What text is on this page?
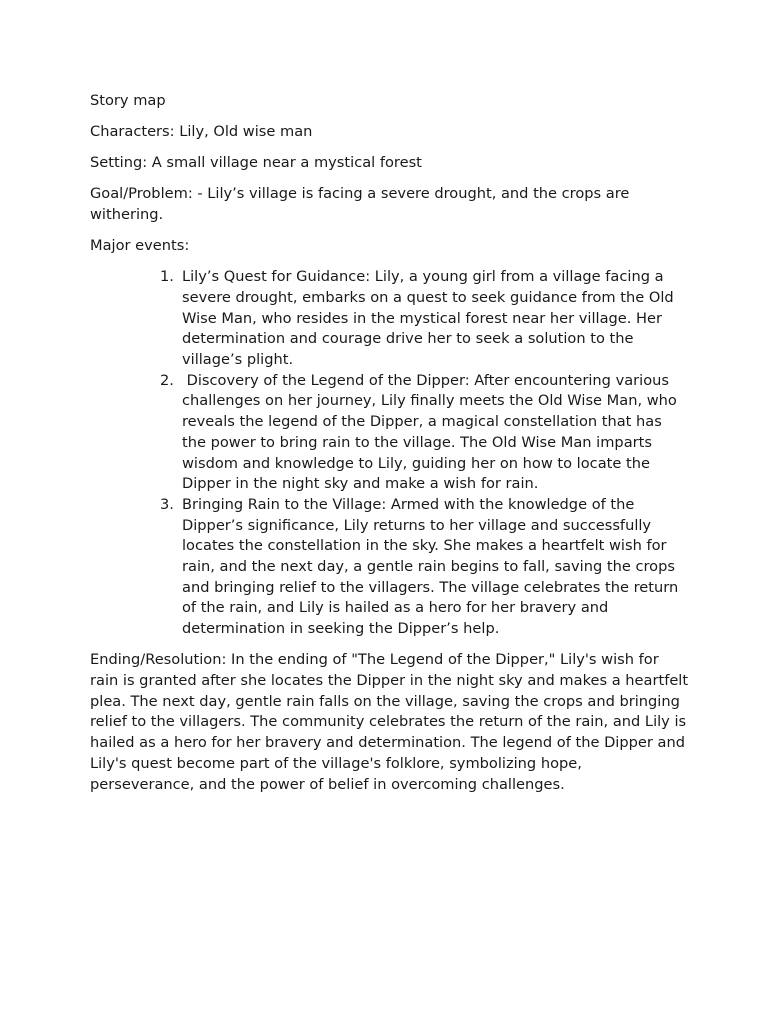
Story map

Characters: Lily, Old wise man

Setting: A small village near a mystical forest

Goal/Problem: - Lily’s village is facing a severe drought, and the crops are withering.

Major events:

1. Lily’s Quest for Guidance: Lily, a young girl from a village facing a severe drought, embarks on a quest to seek guidance from the Old Wise Man, who resides in the mystical forest near her village. Her determination and courage drive her to seek a solution to the village’s plight.
2. Discovery of the Legend of the Dipper: After encountering various challenges on her journey, Lily finally meets the Old Wise Man, who reveals the legend of the Dipper, a magical constellation that has the power to bring rain to the village. The Old Wise Man imparts wisdom and knowledge to Lily, guiding her on how to locate the Dipper in the night sky and make a wish for rain.
3. Bringing Rain to the Village: Armed with the knowledge of the Dipper’s significance, Lily returns to her village and successfully locates the constellation in the sky. She makes a heartfelt wish for rain, and the next day, a gentle rain begins to fall, saving the crops and bringing relief to the villagers. The village celebrates the return of the rain, and Lily is hailed as a hero for her bravery and determination in seeking the Dipper’s help.

Ending/Resolution: In the ending of "The Legend of the Dipper," Lily's wish for rain is granted after she locates the Dipper in the night sky and makes a heartfelt plea. The next day, gentle rain falls on the village, saving the crops and bringing relief to the villagers. The community celebrates the return of the rain, and Lily is hailed as a hero for her bravery and determination. The legend of the Dipper and Lily's quest become part of the village's folklore, symbolizing hope, perseverance, and the power of belief in overcoming challenges.
